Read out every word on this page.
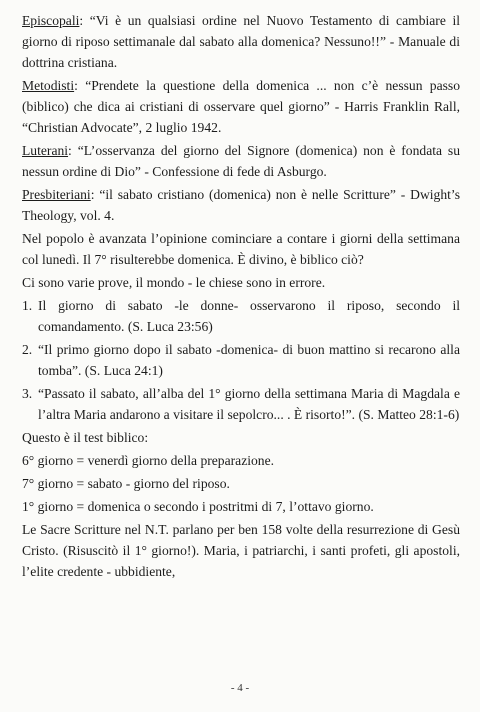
Episcopali: “Vi è un qualsiasi ordine nel Nuovo Testamento di cambiare il giorno di riposo settimanale dal sabato alla domenica? Nessuno!!” - Manuale di dottrina cristiana.

Metodisti: “Prendete la questione della domenica ... non c’è nessun passo (biblico) che dica ai cristiani di osservare quel giorno” - Harris Franklin Rall, “Christian Advocate”, 2 luglio 1942.

Luterani: “L’osservanza del giorno del Signore (domenica) non è fondata su nessun ordine di Dio” - Confessione di fede di Asburgo.

Presbiteriani: “il sabato cristiano (domenica) non è nelle Scritture” - Dwight’s Theology, vol. 4.

Nel popolo è avanzata l’opinione cominciare a contare i giorni della settimana col lunedì. Il 7° risulterebbe domenica. È divino, è biblico ciò?

Ci sono varie prove, il mondo - le chiese sono in errore.

1. Il giorno di sabato -le donne- osservarono il riposo, secondo il comandamento. (S. Luca 23:56)
2. “Il primo giorno dopo il sabato -domenica- di buon mattino si recarono alla tomba”. (S. Luca 24:1)
3. “Passato il sabato, all’alba del 1° giorno della settimana Maria di Magdala e l’altra Maria andarono a visitare il sepolcro... . È risorto!”. (S. Matteo 28:1-6)

Questo è il test biblico:

6° giorno = venerdì giorno della preparazione.

7° giorno = sabato - giorno del riposo.

1° giorno = domenica o secondo i postritmi di 7, l’ottavo giorno.

Le Sacre Scritture nel N.T. parlano per ben 158 volte della resurrezione di Gesù Cristo. (Risuscitò il 1° giorno!). Maria, i patriarchi, i santi profeti, gli apostoli, l’elite credente - ubbidiente,

- 4 -
